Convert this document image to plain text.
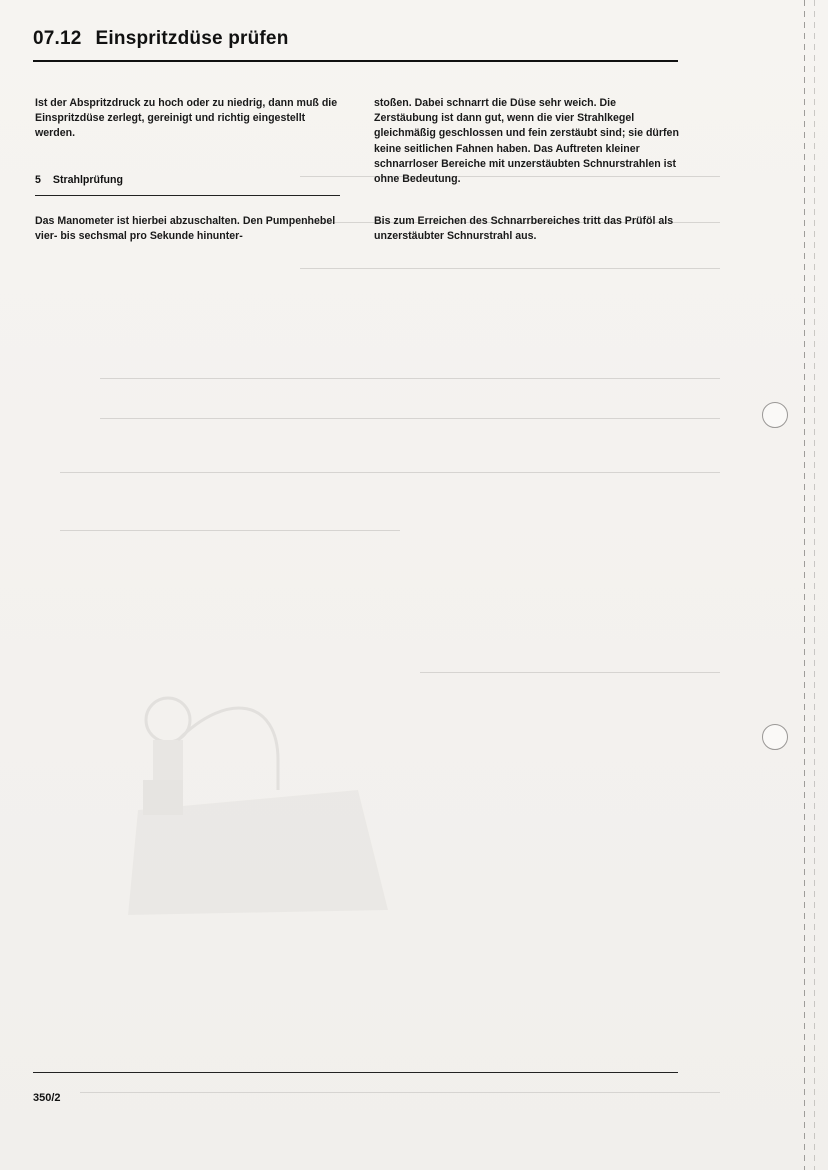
07.12 Einspritzdüse prüfen

Ist der Abspritzdruck zu hoch oder zu niedrig, dann muß die Einspritzdüse zerlegt, gereinigt und richtig eingestellt werden.

5 Strahlprüfung

Das Manometer ist hierbei abzuschalten. Den Pumpenhebel vier- bis sechsmal pro Sekunde hinunter-

stoßen. Dabei schnarrt die Düse sehr weich. Die Zerstäubung ist dann gut, wenn die vier Strahlkegel gleichmäßig geschlossen und fein zerstäubt sind; sie dürfen keine seitlichen Fahnen haben. Das Auftreten kleiner schnarrloser Bereiche mit unzerstäubten Schnurstrahlen ist ohne Bedeutung.

Bis zum Erreichen des Schnarrbereiches tritt das Prüföl als unzerstäubter Schnurstrahl aus.

350/2
